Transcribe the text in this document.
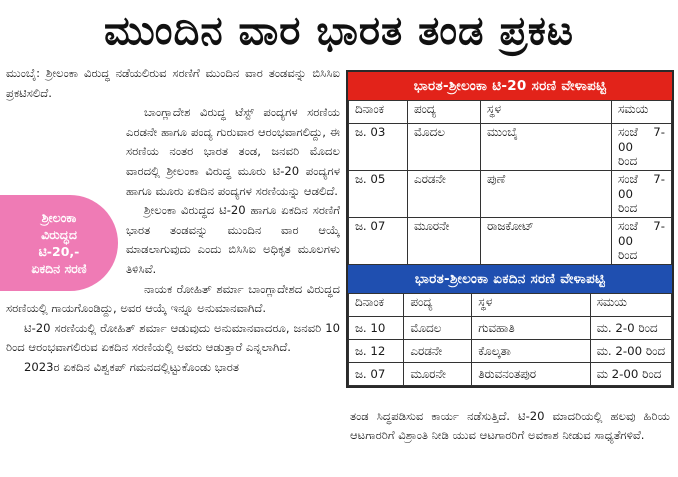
ಮುಂದಿನ ವಾರ ಭಾರತ ತಂಡ ಪ್ರಕಟ

ಮುಂಬೈ: ಶ್ರೀಲಂಕಾ ವಿರುದ್ಧ ನಡೆಯಲಿರುವ ಸರಣಿಗೆ ಮುಂದಿನ ವಾರ ತಂಡವನ್ನು ಬಿಸಿಸಿಐ ಪ್ರಕಟಿಸಲಿದೆ.

ಶ್ರೀಲಂಕಾ
ವಿರುದ್ಧದ
ಟಿ-20,-
ಏಕದಿನ ಸರಣಿ

ಬಾಂಗ್ಲಾದೇಶ ವಿರುದ್ಧ ಟೆಸ್ಟ್ ಪಂದ್ಯಗಳ ಸರಣಿಯ ಎರಡನೇ ಹಾಗೂ ಪಂದ್ಯ ಗುರುವಾರ ಆರಂಭವಾಗಲಿದ್ದು, ಈ ಸರಣಿಯ ನಂತರ ಭಾರತ ತಂಡ, ಜನವರಿ ಮೊದಲ ವಾರದಲ್ಲಿ ಶ್ರೀಲಂಕಾ ವಿರುದ್ಧ ಮೂರು ಟಿ-20 ಪಂದ್ಯಗಳ ಹಾಗೂ ಮೂರು ಏಕದಿನ ಪಂದ್ಯಗಳ ಸರಣಿಯನ್ನು ಆಡಲಿದೆ.

ಶ್ರೀಲಂಕಾ ವಿರುದ್ಧದ ಟಿ-20 ಹಾಗೂ ಏಕದಿನ ಸರಣಿಗೆ ಭಾರತ ತಂಡವನ್ನು ಮುಂದಿನ ವಾರ ಆಯ್ಕೆ ಮಾಡಲಾಗುವುದು ಎಂದು ಬಿಸಿಸಿಐ ಅಧಿಕೃತ ಮೂಲಗಳು ತಿಳಿಸಿವೆ.

ನಾಯಕ ರೋಹಿತ್ ಶರ್ಮಾ ಬಾಂಗ್ಲಾದೇಶದ ವಿರುದ್ಧದ ಸರಣಿಯಲ್ಲಿ ಗಾಯಗೊಂಡಿದ್ದು, ಅವರ ಆಯ್ಕೆ ಇನ್ನೂ ಅನುಮಾನವಾಗಿದೆ.

ಟಿ-20 ಸರಣಿಯಲ್ಲಿ ರೋಹಿತ್ ಶರ್ಮಾ ಆಡುವುದು ಅನುಮಾನವಾದರೂ, ಜನವರಿ 10 ರಿಂದ ಆರಂಭವಾಗಲಿರುವ ಏಕದಿನ ಸರಣಿಯಲ್ಲಿ ಅವರು ಆಡುತ್ತಾರೆ ಎನ್ನಲಾಗಿದೆ.

2023ರ ಏಕದಿನ ವಿಶ್ವಕಪ್ ಗಮನದಲ್ಲಿಟ್ಟುಕೊಂಡು ಭಾರತ

ಭಾರತ-ಶ್ರೀಲಂಕಾ ಟಿ-20 ಸರಣಿ ವೇಳಾಪಟ್ಟಿ
ದಿನಾಂಕ	ಪಂದ್ಯ	ಸ್ಥಳ	ಸಮಯ
ಜ. 03	ಮೊದಲ	ಮುಂಬೈ	ಸಂಜೆ 7-00
ರಿಂದ
ಜ. 05	ಎರಡನೇ	ಪುಣೆ	ಸಂಜೆ 7-00
ರಿಂದ
ಜ. 07	ಮೂರನೇ	ರಾಜಕೋಟ್	ಸಂಜೆ 7-00
ರಿಂದ
ಭಾರತ-ಶ್ರೀಲಂಕಾ ಏಕದಿನ ಸರಣಿ ವೇಳಾಪಟ್ಟಿ
ದಿನಾಂಕ	ಪಂದ್ಯ	ಸ್ಥಳ	ಸಮಯ
ಜ. 10	ಮೊದಲ	ಗುವಹಾತಿ	ಮ. 2-0 ರಿಂದ
ಜ. 12	ಎರಡನೇ	ಕೊಲ್ಕತಾ	ಮ. 2-00 ರಿಂದ
ಜ. 07	ಮೂರನೇ	ತಿರುವನಂತಪುರ	ಮ 2-00 ರಿಂದ
ತಂಡ ಸಿದ್ಧಪಡಿಸುವ ಕಾರ್ಯ ನಡೆಸುತ್ತಿದೆ. ಟಿ-20 ಮಾದರಿಯಲ್ಲಿ ಹಲವು ಹಿರಿಯ ಆಟಗಾರರಿಗೆ ವಿಶ್ರಾಂತಿ ನೀಡಿ ಯುವ ಆಟಗಾರರಿಗೆ ಅವಕಾಶ ನೀಡುವ ಸಾಧ್ಯತೆಗಳಿವೆ.
